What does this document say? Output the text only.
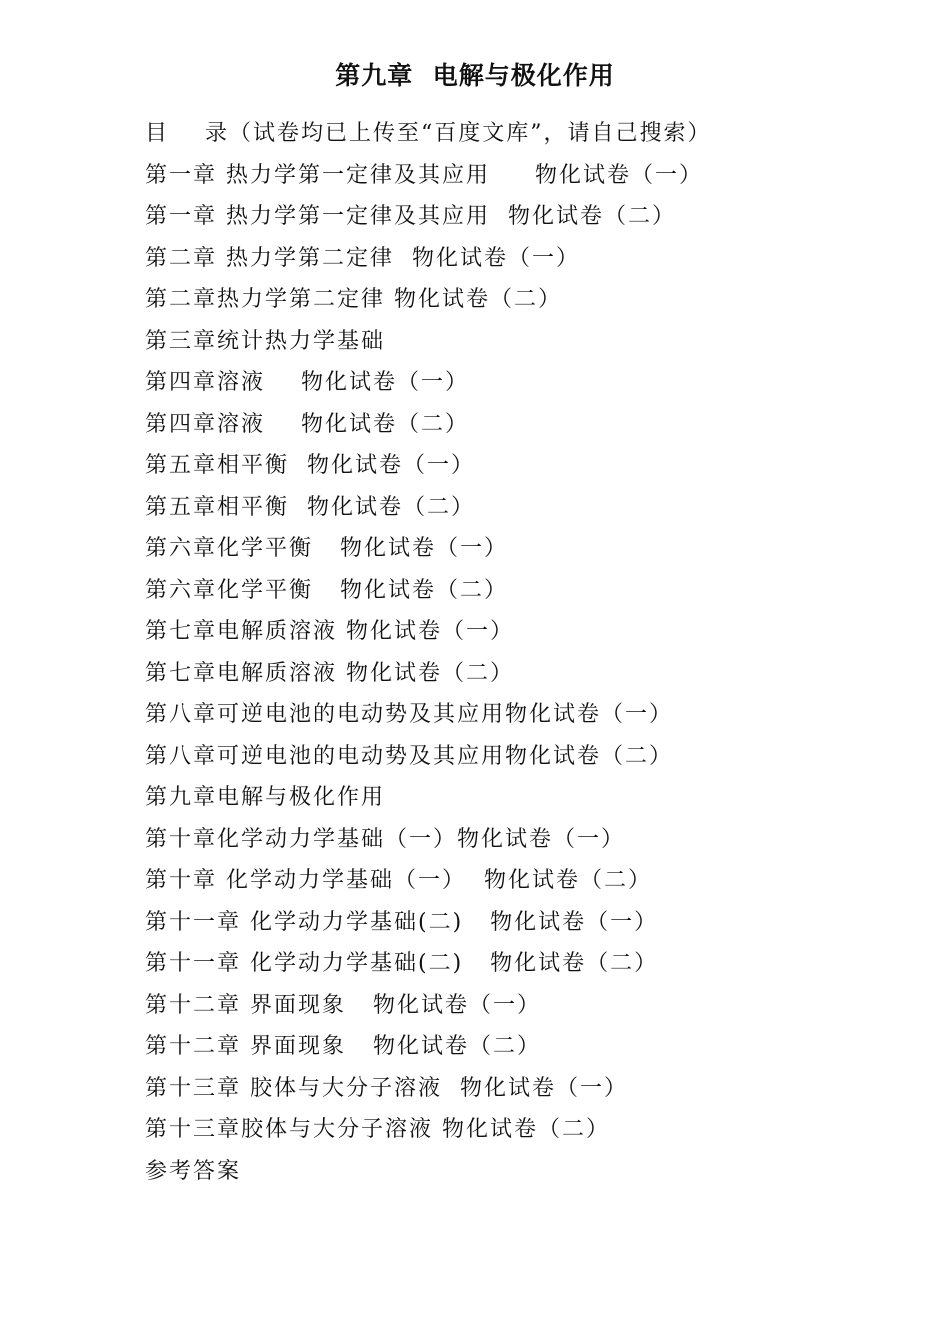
第九章  电解与极化作用
目    录（试卷均已上传至“百度文库”，请自己搜索）
第一章 热力学第一定律及其应用     物化试卷（一）
第一章 热力学第一定律及其应用  物化试卷（二）
第二章 热力学第二定律  物化试卷（一）
第二章热力学第二定律 物化试卷（二）
第三章统计热力学基础
第四章溶液    物化试卷（一）
第四章溶液    物化试卷（二）
第五章相平衡  物化试卷（一）
第五章相平衡  物化试卷（二）
第六章化学平衡   物化试卷（一）
第六章化学平衡   物化试卷（二）
第七章电解质溶液 物化试卷（一）
第七章电解质溶液 物化试卷（二）
第八章可逆电池的电动势及其应用物化试卷（一）
第八章可逆电池的电动势及其应用物化试卷（二）
第九章电解与极化作用
第十章化学动力学基础（一）物化试卷（一）
第十章 化学动力学基础（一）  物化试卷（二）
第十一章 化学动力学基础(二)   物化试卷（一）
第十一章 化学动力学基础(二)   物化试卷（二）
第十二章 界面现象   物化试卷（一）
第十二章 界面现象   物化试卷（二）
第十三章 胶体与大分子溶液  物化试卷（一）
第十三章胶体与大分子溶液 物化试卷（二）
参考答案
